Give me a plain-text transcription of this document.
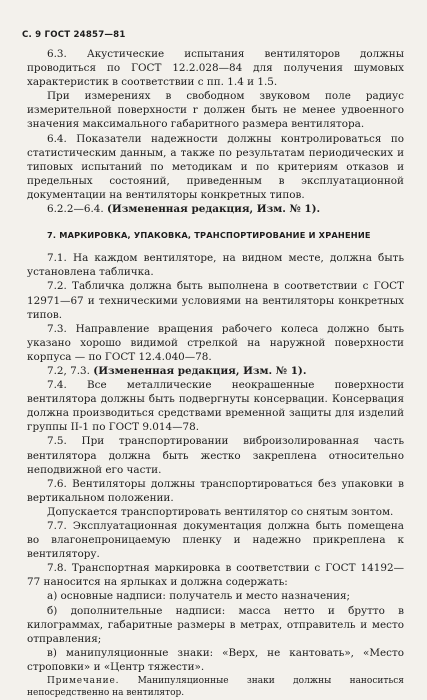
С. 9 ГОСТ 24857—81

6.3. Акустические испытания вентиляторов должны проводиться по ГОСТ 12.2.028—84 для получения шумовых характеристик в соответствии с пп. 1.4 и 1.5.

При измерениях в свободном звуковом поле радиус измерительной поверхности r должен быть не менее удвоенного значения максимального габаритного размера вентилятора.

6.4. Показатели надежности должны контролироваться по статистическим данным, а также по результатам периодических и типовых испытаний по методикам и по критериям отказов и предельных состояний, приведенным в эксплуатационной документации на вентиляторы конкретных типов.

6.2.2—6.4. (Измененная редакция, Изм. № 1).

7. МАРКИРОВКА, УПАКОВКА, ТРАНСПОРТИРОВАНИЕ И ХРАНЕНИЕ

7.1. На каждом вентиляторе, на видном месте, должна быть установлена табличка.

7.2. Табличка должна быть выполнена в соответствии с ГОСТ 12971—67 и техническими условиями на вентиляторы конкретных типов.

7.3. Направление вращения рабочего колеса должно быть указано хорошо видимой стрелкой на наружной поверхности корпуса — по ГОСТ 12.4.040—78.

7.2, 7.3. (Измененная редакция, Изм. № 1).

7.4. Все металлические неокрашенные поверхности вентилятора должны быть подвергнуты консервации. Консервация должна производиться средствами временной защиты для изделий группы II-1 по ГОСТ 9.014—78.

7.5. При транспортировании виброизолированная часть вентилятора должна быть жестко закреплена относительно неподвижной его части.

7.6. Вентиляторы должны транспортироваться без упаковки в вертикальном положении.

Допускается транспортировать вентилятор со снятым зонтом.

7.7. Эксплуатационная документация должна быть помещена во влагонепроницаемую пленку и надежно прикреплена к вентилятору.

7.8. Транспортная маркировка в соответствии с ГОСТ 14192—77 наносится на ярлыках и должна содержать:

а) основные надписи: получатель и место назначения;

б) дополнительные надписи: масса нетто и брутто в килограммах, габаритные размеры в метрах, отправитель и место отправления;

в) манипуляционные знаки: «Верх, не кантовать», «Место строповки» и «Центр тяжести».

Примечание. Манипуляционные знаки должны наноситься непосредственно на вентилятор.
